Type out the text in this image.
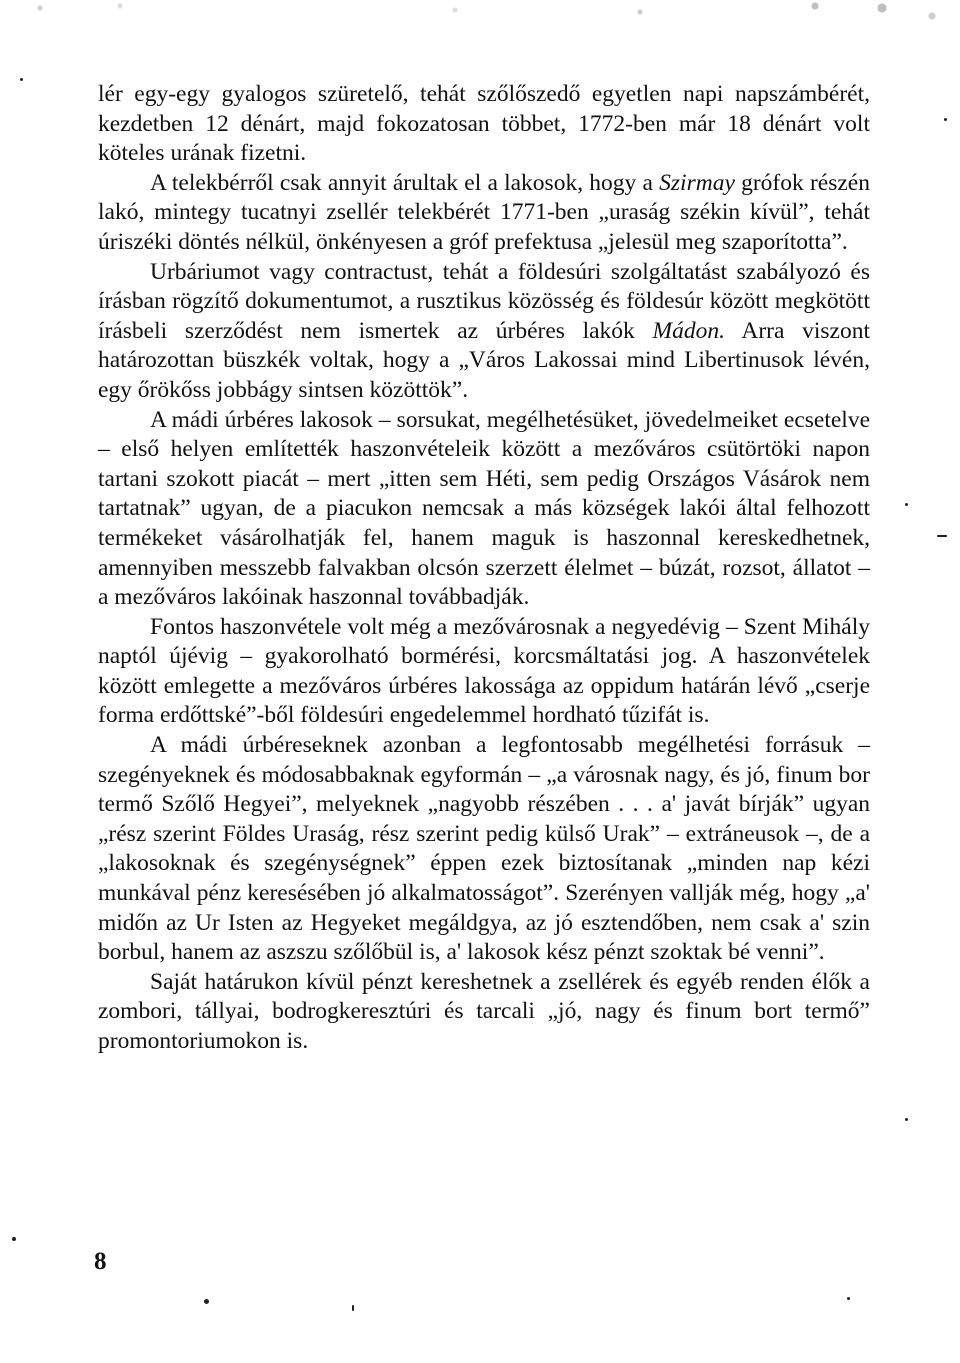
lér egy-egy gyalogos szüretelő, tehát szőlőszedő egyetlen napi napszámbérét, kezdetben 12 dénárt, majd fokozatosan többet, 1772-ben már 18 dénárt volt köteles urának fizetni.

A telekbérről csak annyit árultak el a lakosok, hogy a Szirmay grófok részén lakó, mintegy tucatnyi zsellér telekbérét 1771-ben „uraság székin kívül”, tehát úriszéki döntés nélkül, önkényesen a gróf prefektusa „jelesül meg szaporította”.

Urbáriumot vagy contractust, tehát a földesúri szolgáltatást szabályozó és írásban rögzítő dokumentumot, a rusztikus közösség és földesúr között megkötött írásbeli szerződést nem ismertek az úrbéres lakók Mádon. Arra viszont határozottan büszkék voltak, hogy a „Város Lakossai mind Libertinusok lévén, egy őrökőss jobbágy sintsen közöttök”.

A mádi úrbéres lakosok – sorsukat, megélhetésüket, jövedelmeiket ecsetelve – első helyen említették haszonvételeik között a mezőváros csütörtöki napon tartani szokott piacát – mert „itten sem Héti, sem pedig Országos Vásárok nem tartatnak” ugyan, de a piacukon nemcsak a más községek lakói által felhozott termékeket vásárolhatják fel, hanem maguk is haszonnal kereskedhetnek, amennyiben messzebb falvakban olcsón szerzett élelmet – búzát, rozsot, állatot – a mezőváros lakóinak haszonnal továbbadják.

Fontos haszonvétele volt még a mezővárosnak a negyedévig – Szent Mihály naptól újévig – gyakorolható bormérési, korcsmáltatási jog. A haszonvételek között emlegette a mezőváros úrbéres lakossága az oppidum határán lévő „cserje forma erdőttské”-ből földesúri engedelemmel hordható tűzifát is.

A mádi úrbéreseknek azonban a legfontosabb megélhetési forrásuk – szegényeknek és módosabbaknak egyformán – „a városnak nagy, és jó, finum bor termő Szőlő Hegyei”, melyeknek „nagyobb részében . . . a' javát bírják” ugyan „rész szerint Földes Uraság, rész szerint pedig külső Urak” – extráneusok –, de a „lakosoknak és szegénységnek” éppen ezek biztosítanak „minden nap kézi munkával pénz keresésében jó alkalmatosságot”. Szerényen vallják még, hogy „a' midőn az Ur Isten az Hegyeket megáldgya, az jó esztendőben, nem csak a' szin borbul, hanem az aszszu szőlőbül is, a' lakosok kész pénzt szoktak bé venni”.

Saját határukon kívül pénzt kereshetnek a zsellérek és egyéb renden élők a zombori, tállyai, bodrogkeresztúri és tarcali „jó, nagy és finum bort termő” promontoriumokon is.

8
